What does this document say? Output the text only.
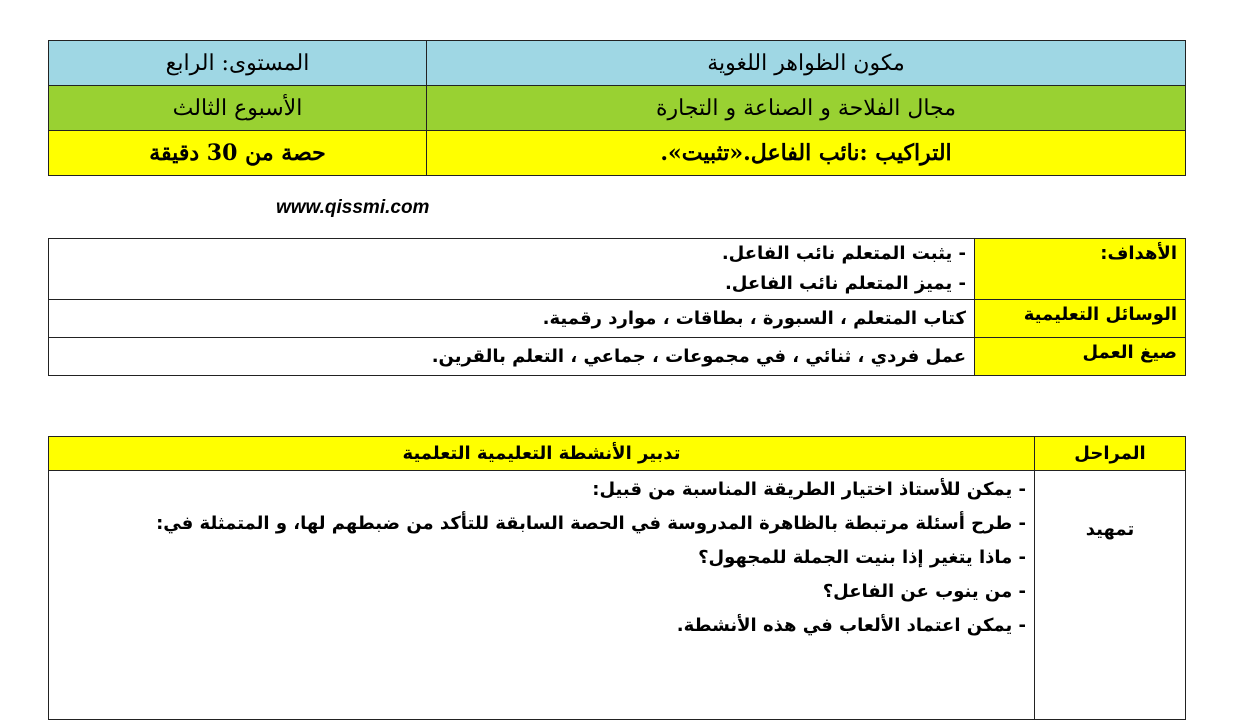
مكون الظواهر اللغوية	المستوى: الرابع
مجال الفلاحة و الصناعة و التجارة	الأسبوع الثالث
التراكيب :نائب الفاعل.«تثبيت».	حصة من 30 دقيقة
www.qissmi.com
الأهداف:	- يثبت المتعلم نائب الفاعل.
- يميز المتعلم نائب الفاعل.

الوسائل التعليمية	كتاب المتعلم ، السبورة ، بطاقات ، موارد رقمية.
صيغ العمل	عمل فردي ، ثنائي ، في مجموعات ، جماعي ، التعلم بالقرين.
المراحل	تدبير الأنشطة التعليمية التعلمية
تمهيد	- يمكن للأستاذ اختيار الطريقة المناسبة من قبيل:
- طرح أسئلة مرتبطة بالظاهرة المدروسة في الحصة السابقة للتأكد من ضبطهم لها، و المتمثلة في:
- ماذا يتغير إذا بنيت الجملة للمجهول؟
- من ينوب عن الفاعل؟
- يمكن اعتماد الألعاب في هذه الأنشطة.
